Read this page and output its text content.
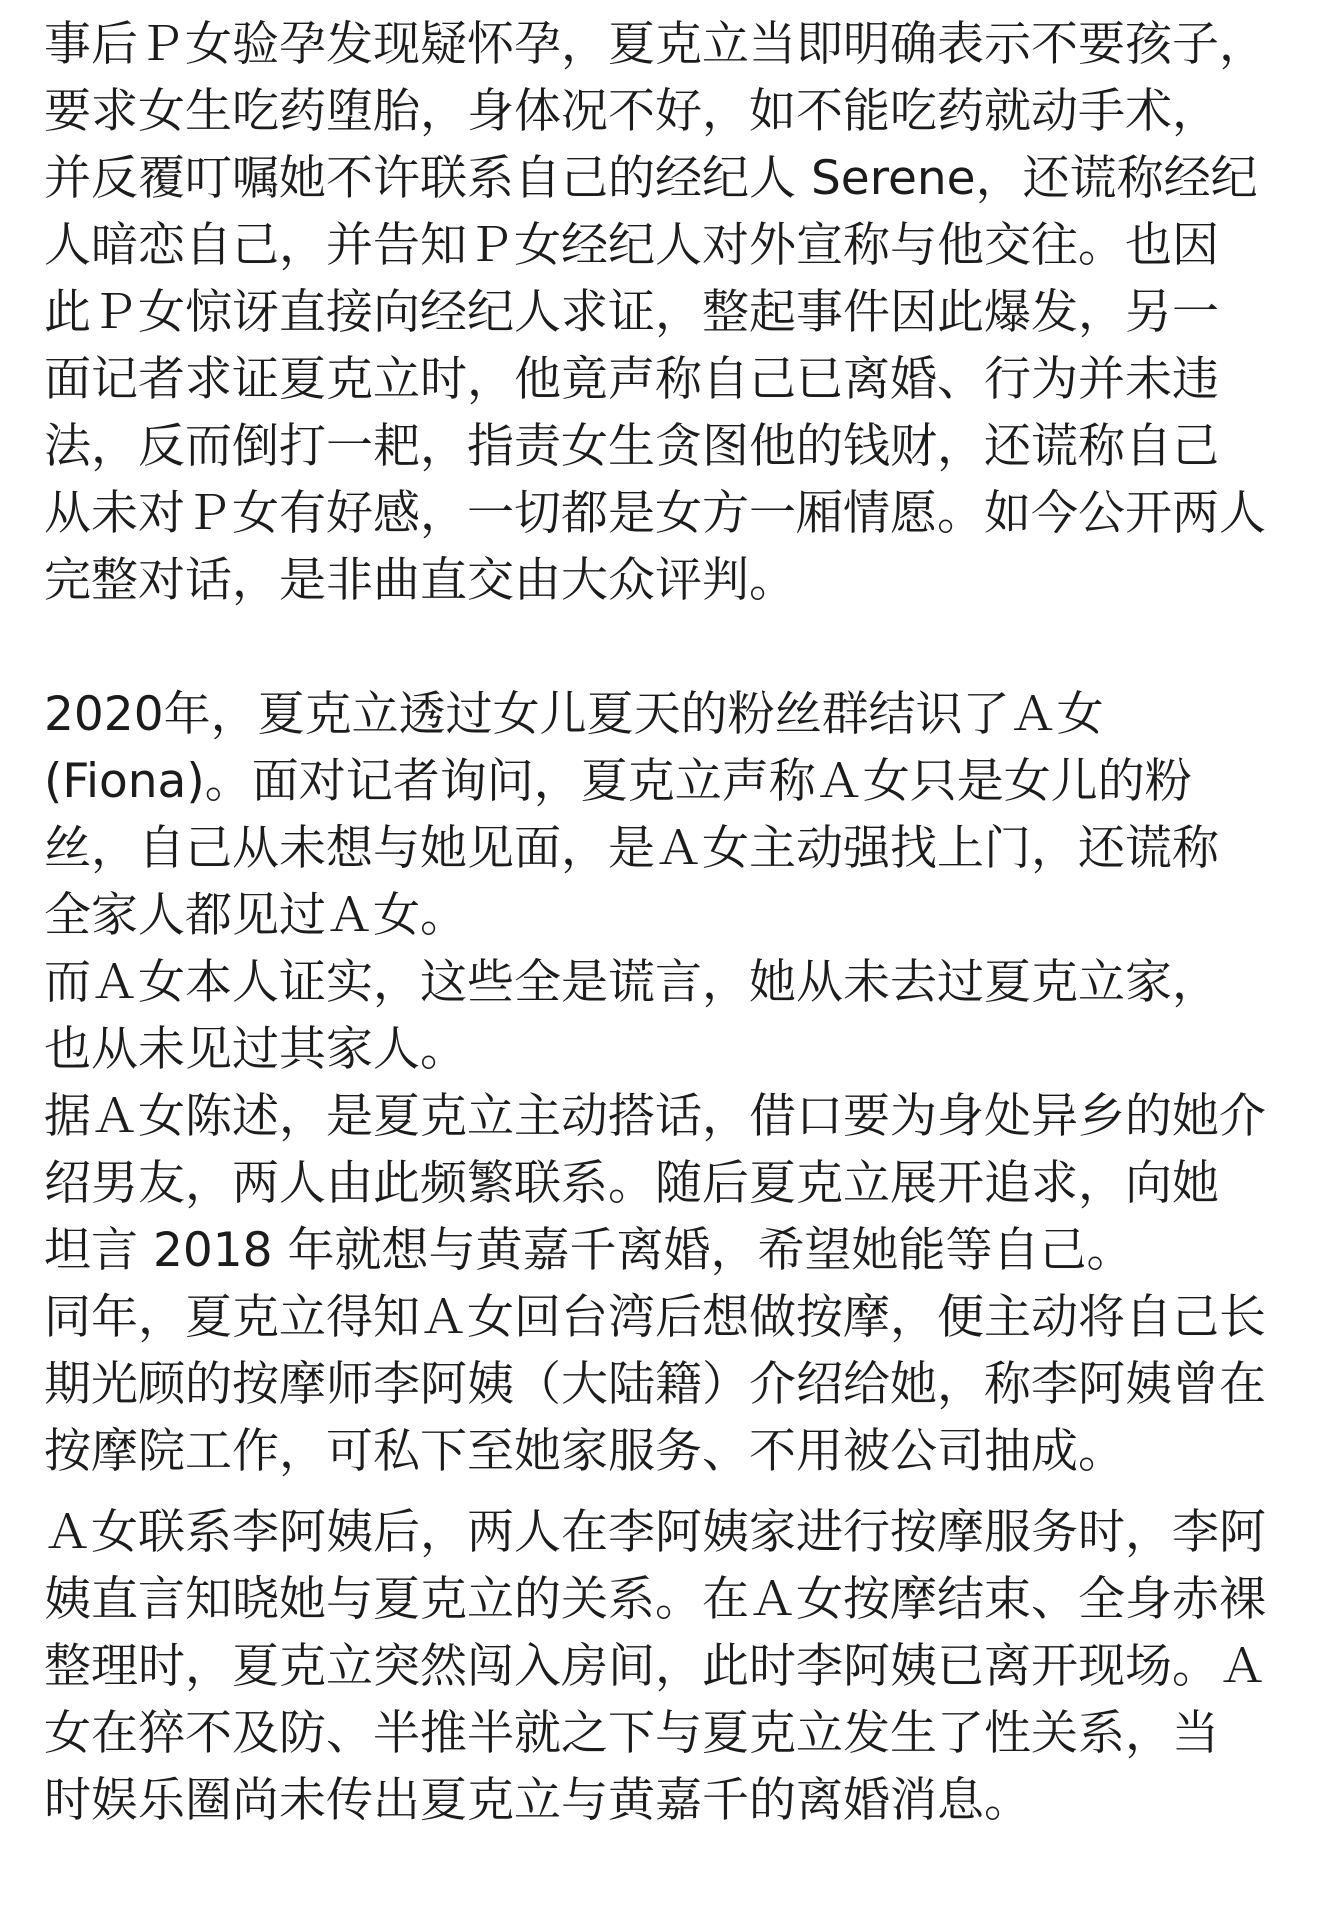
事后Ｐ女验孕发现疑怀孕，夏克立当即明确表示不要孩子，
要求女生吃药堕胎，身体况不好，如不能吃药就动手术，
并反覆叮嘱她不许联系自己的经纪人 Serene，还谎称经纪
人暗恋自己，并告知Ｐ女经纪人对外宣称与他交往。也因
此Ｐ女惊讶直接向经纪人求证，整起事件因此爆发，另一
面记者求证夏克立时，他竟声称自己已离婚、行为并未违
法，反而倒打一耙，指责女生贪图他的钱财，还谎称自己
从未对Ｐ女有好感，一切都是女方一厢情愿。如今公开两人
完整对话，是非曲直交由大众评判。
2020年，夏克立透过女儿夏天的粉丝群结识了Ａ女
(Fiona)。面对记者询问，夏克立声称Ａ女只是女儿的粉
丝，自己从未想与她见面，是Ａ女主动强找上门，还谎称
全家人都见过Ａ女。
而Ａ女本人证实，这些全是谎言，她从未去过夏克立家，
也从未见过其家人。
据Ａ女陈述，是夏克立主动搭话，借口要为身处异乡的她介
绍男友，两人由此频繁联系。随后夏克立展开追求，向她
坦言 2018 年就想与黄嘉千离婚，希望她能等自己。
同年，夏克立得知Ａ女回台湾后想做按摩，便主动将自己长
期光顾的按摩师李阿姨（大陆籍）介绍给她，称李阿姨曾在
按摩院工作，可私下至她家服务、不用被公司抽成。
Ａ女联系李阿姨后，两人在李阿姨家进行按摩服务时，李阿
姨直言知晓她与夏克立的关系。在Ａ女按摩结束、全身赤裸
整理时，夏克立突然闯入房间，此时李阿姨已离开现场。Ａ
女在猝不及防、半推半就之下与夏克立发生了性关系，当
时娱乐圈尚未传出夏克立与黄嘉千的离婚消息。
